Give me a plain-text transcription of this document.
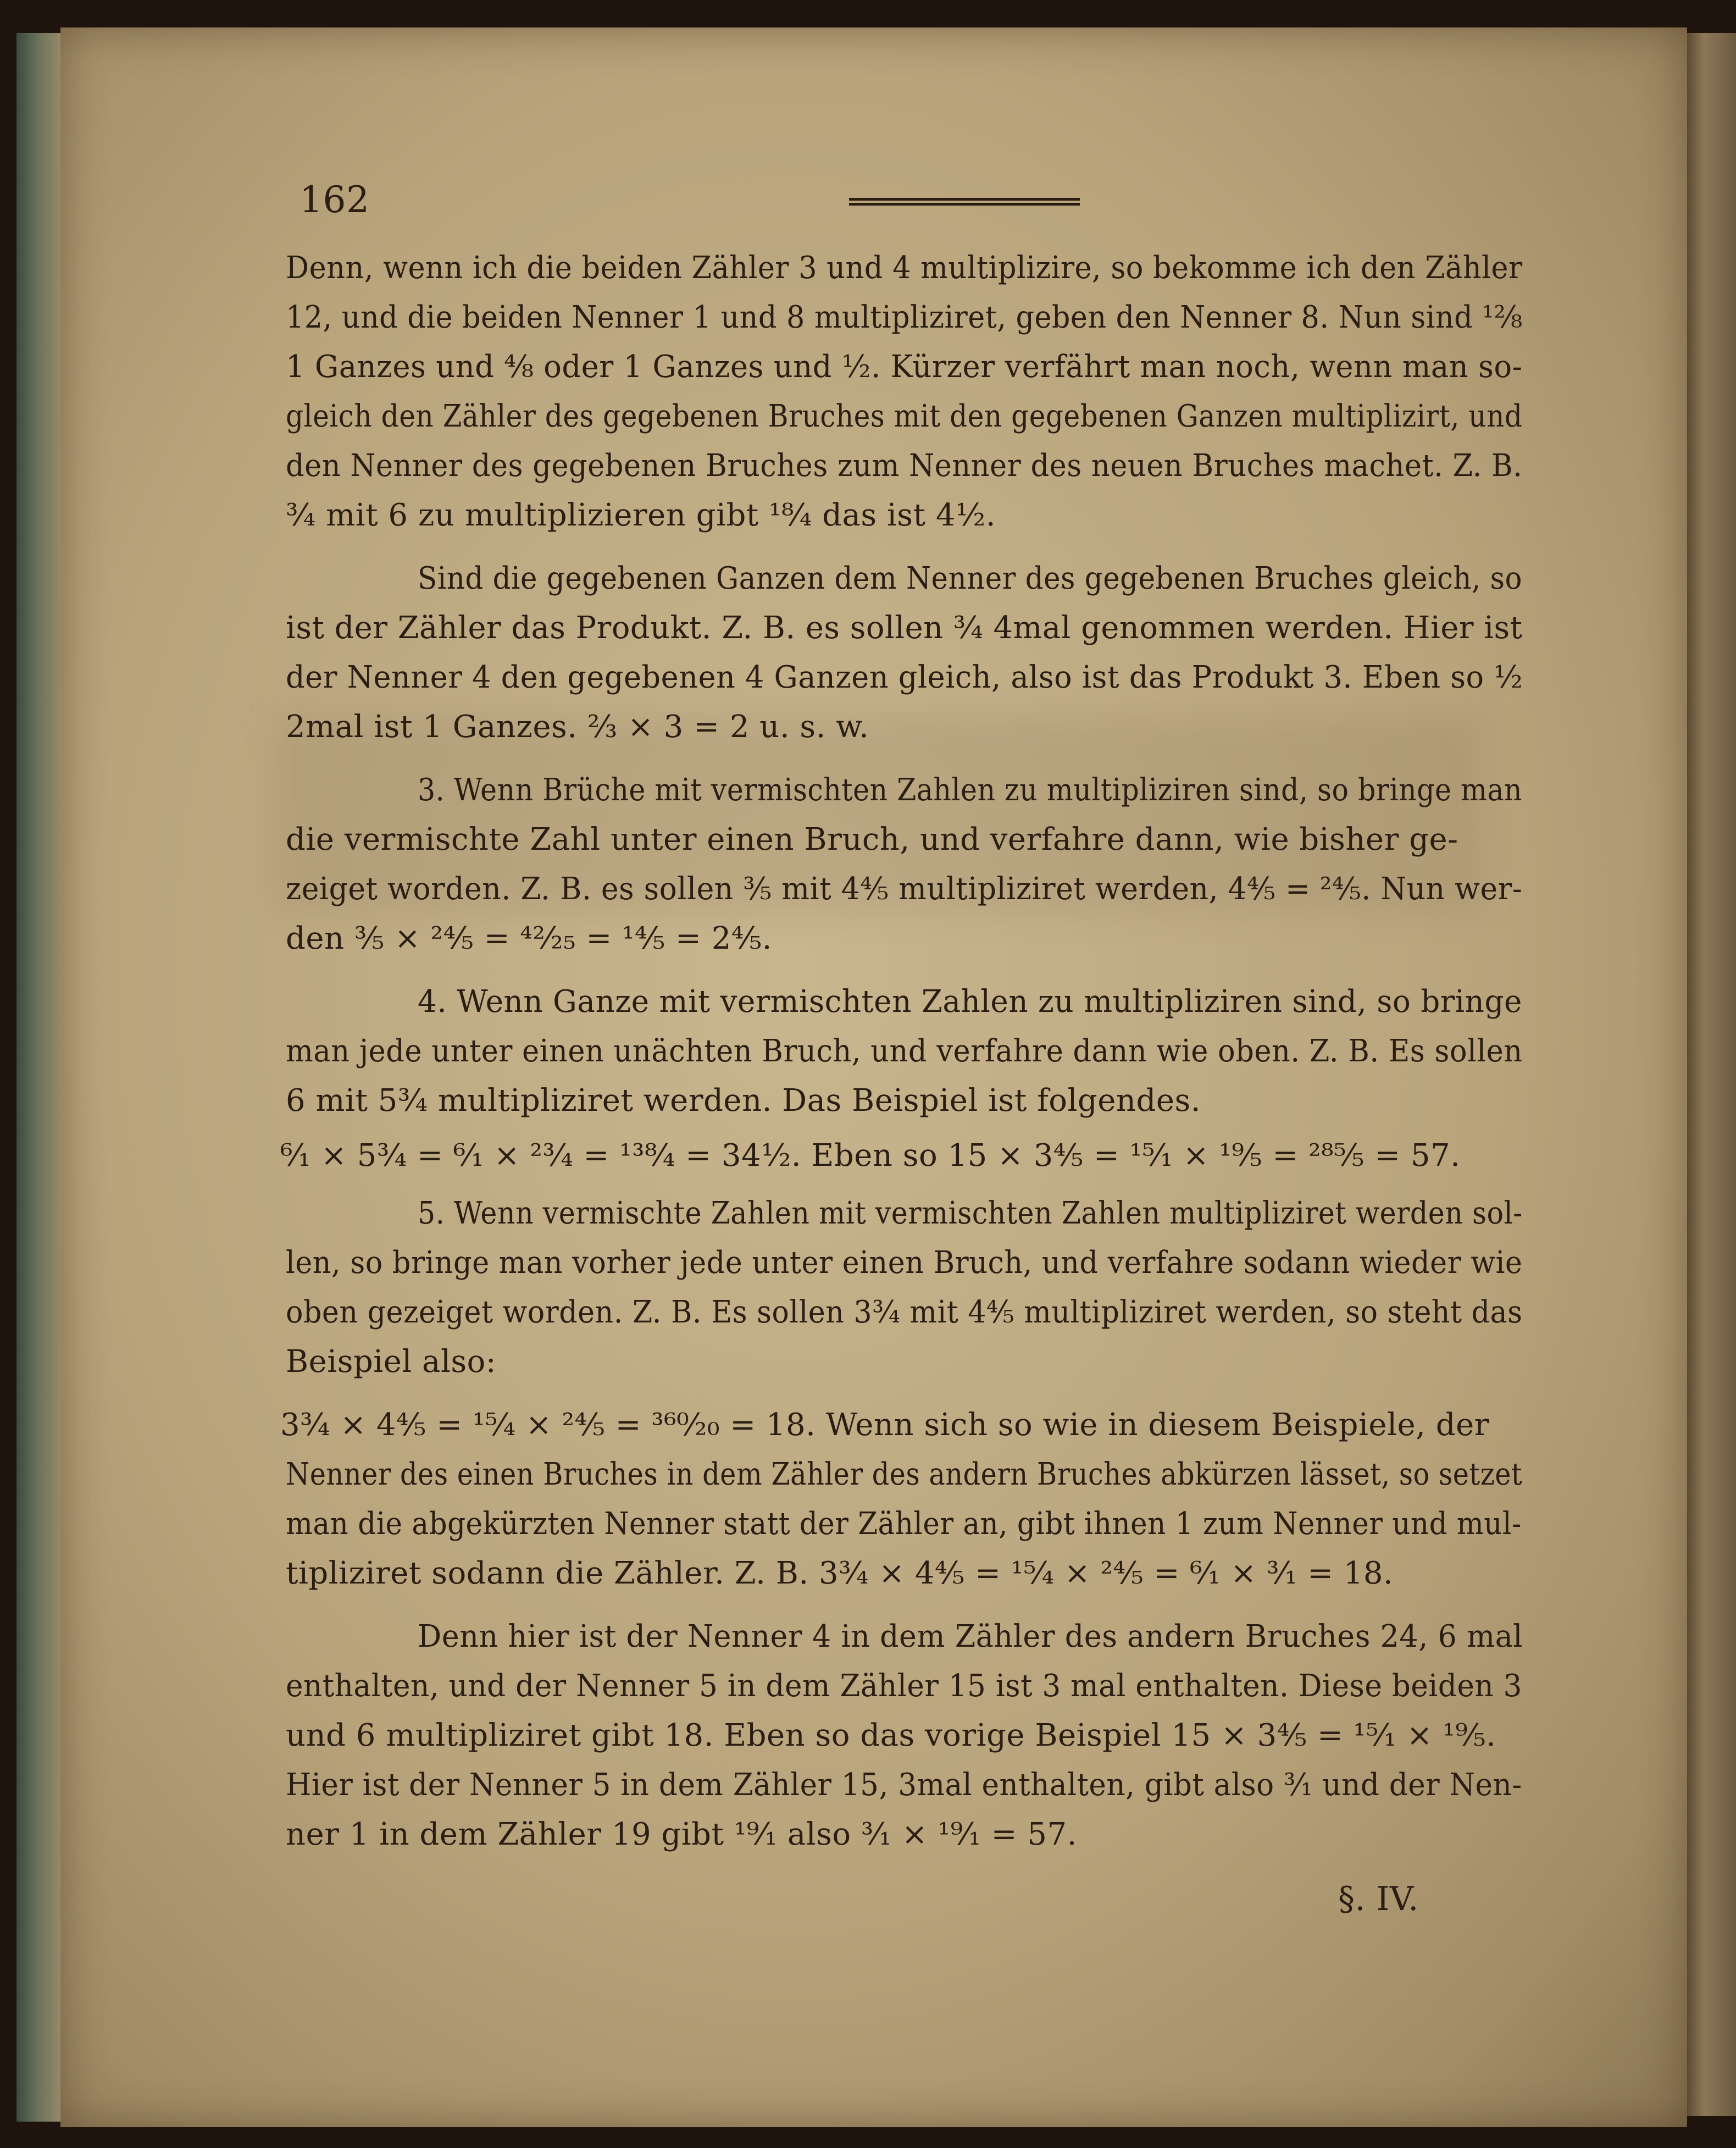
162
Denn, wenn ich die beiden Zähler 3 und 4 multiplizire, so bekomme ich den Zähler
12, und die beiden Nenner 1 und 8 multipliziret, geben den Nenner 8. Nun sind ¹²⁄₈
1 Ganzes und ⁴⁄₈ oder 1 Ganzes und ½. Kürzer verfährt man noch, wenn man so-
gleich den Zähler des gegebenen Bruches mit den gegebenen Ganzen multiplizirt, und
den Nenner des gegebenen Bruches zum Nenner des neuen Bruches machet. Z. B.
¾ mit 6 zu multiplizieren gibt ¹⁸⁄₄ das ist 4½.
Sind die gegebenen Ganzen dem Nenner des gegebenen Bruches gleich, so
ist der Zähler das Produkt. Z. B. es sollen ¾ 4mal genommen werden. Hier ist
der Nenner 4 den gegebenen 4 Ganzen gleich, also ist das Produkt 3. Eben so ½
2mal ist 1 Ganzes. ⅔ × 3 = 2 u. s. w.
3. Wenn Brüche mit vermischten Zahlen zu multipliziren sind, so bringe man
die vermischte Zahl unter einen Bruch, und verfahre dann, wie bisher ge-
zeiget worden. Z. B. es sollen ⅗ mit 4⅘ multipliziret werden, 4⅘ = ²⁴⁄₅. Nun wer-
den ⅗ × ²⁴⁄₅ = ⁴²⁄₂₅ = ¹⁴⁄₅ = 2⁴⁄₅.
4. Wenn Ganze mit vermischten Zahlen zu multipliziren sind, so bringe
man jede unter einen unächten Bruch, und verfahre dann wie oben. Z. B. Es sollen
6 mit 5¾ multipliziret werden. Das Beispiel ist folgendes.
⁶⁄₁ × 5¾ = ⁶⁄₁ × ²³⁄₄ = ¹³⁸⁄₄ = 34½. Eben so 15 × 3⅘ = ¹⁵⁄₁ × ¹⁹⁄₅ = ²⁸⁵⁄₅ = 57.
5. Wenn vermischte Zahlen mit vermischten Zahlen multipliziret werden sol-
len, so bringe man vorher jede unter einen Bruch, und verfahre sodann wieder wie
oben gezeiget worden. Z. B. Es sollen 3¾ mit 4⅘ multipliziret werden, so steht das
Beispiel also:
3¾ × 4⅘ = ¹⁵⁄₄ × ²⁴⁄₅ = ³⁶⁰⁄₂₀ = 18. Wenn sich so wie in diesem Beispiele, der
Nenner des einen Bruches in dem Zähler des andern Bruches abkürzen lässet, so setzet
man die abgekürzten Nenner statt der Zähler an, gibt ihnen 1 zum Nenner und mul-
tipliziret sodann die Zähler. Z. B. 3¾ × 4⅘ = ¹⁵⁄₄ × ²⁴⁄₅ = ⁶⁄₁ × ³⁄₁ = 18.
Denn hier ist der Nenner 4 in dem Zähler des andern Bruches 24, 6 mal
enthalten, und der Nenner 5 in dem Zähler 15 ist 3 mal enthalten. Diese beiden 3
und 6 multipliziret gibt 18. Eben so das vorige Beispiel 15 × 3⅘ = ¹⁵⁄₁ × ¹⁹⁄₅.
Hier ist der Nenner 5 in dem Zähler 15, 3mal enthalten, gibt also ³⁄₁ und der Nen-
ner 1 in dem Zähler 19 gibt ¹⁹⁄₁ also ³⁄₁ × ¹⁹⁄₁ = 57.
§. IV.
